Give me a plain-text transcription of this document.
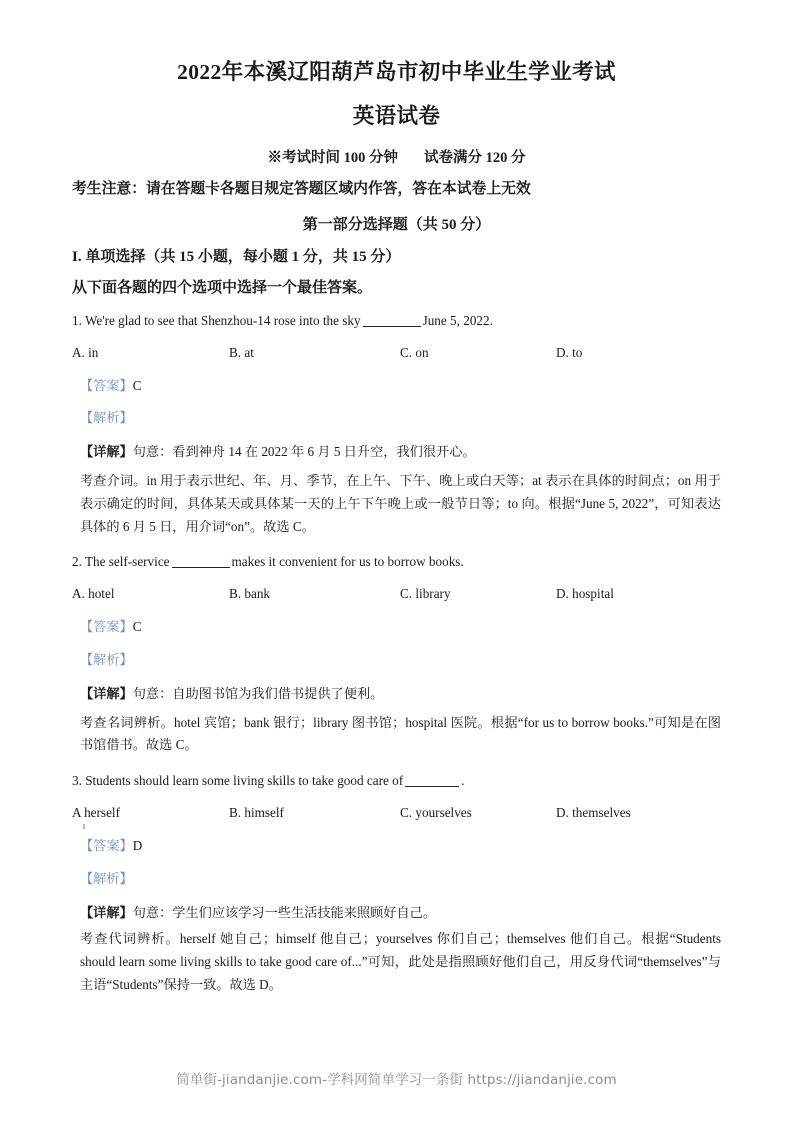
2022年本溪辽阳葫芦岛市初中毕业生学业考试
英语试卷

※考试时间 100 分钟 试卷满分 120 分

考生注意：请在答题卡各题目规定答题区域内作答，答在本试卷上无效

第一部分选择题（共 50 分）

I. 单项选择（共 15 小题，每小题 1 分，共 15 分）

从下面各题的四个选项中选择一个最佳答案。

1. We're glad to see that Shenzhou-14 rose into the sky	June 5, 2022.

A. in	B. at	C. on	D. to

【答案】C

【解析】

【详解】句意：看到神舟 14 在 2022 年 6 月 5 日升空，我们很开心。

考查介词。in 用于表示世纪、年、月、季节，在上午、下午、晚上或白天等；at 表示在具体的时间点；on 用于表示确定的时间，具体某天或具体某一天的上午下午晚上或一般节日等；to 向。根据“June 5, 2022”，可知表达具体的 6 月 5 日，用介词“on”。故选 C。

2. The self-service	makes it convenient for us to borrow books.

A. hotel	B. bank	C. library	D. hospital

【答案】C

【解析】

【详解】句意：自助图书馆为我们借书提供了便利。

考查名词辨析。hotel 宾馆；bank 银行；library 图书馆；hospital 医院。根据“for us to borrow books.”可知是在图书馆借书。故选 C。

3. Students should learn some living skills to take good care of	.

A herself	B. himself	C. yourselves	D. themselves

【答案】D

【解析】

【详解】句意：学生们应该学习一些生活技能来照顾好自己。

考查代词辨析。herself 她自己；himself 他自己；yourselves 你们自己；themselves 他们自己。根据“Students should learn some living skills to take good care of...”可知，此处是指照顾好他们自己，用反身代词“themselves”与主语“Students”保持一致。故选 D。

简单街-jiandanjie.com-学科网简单学习一条街 https://jiandanjie.com
